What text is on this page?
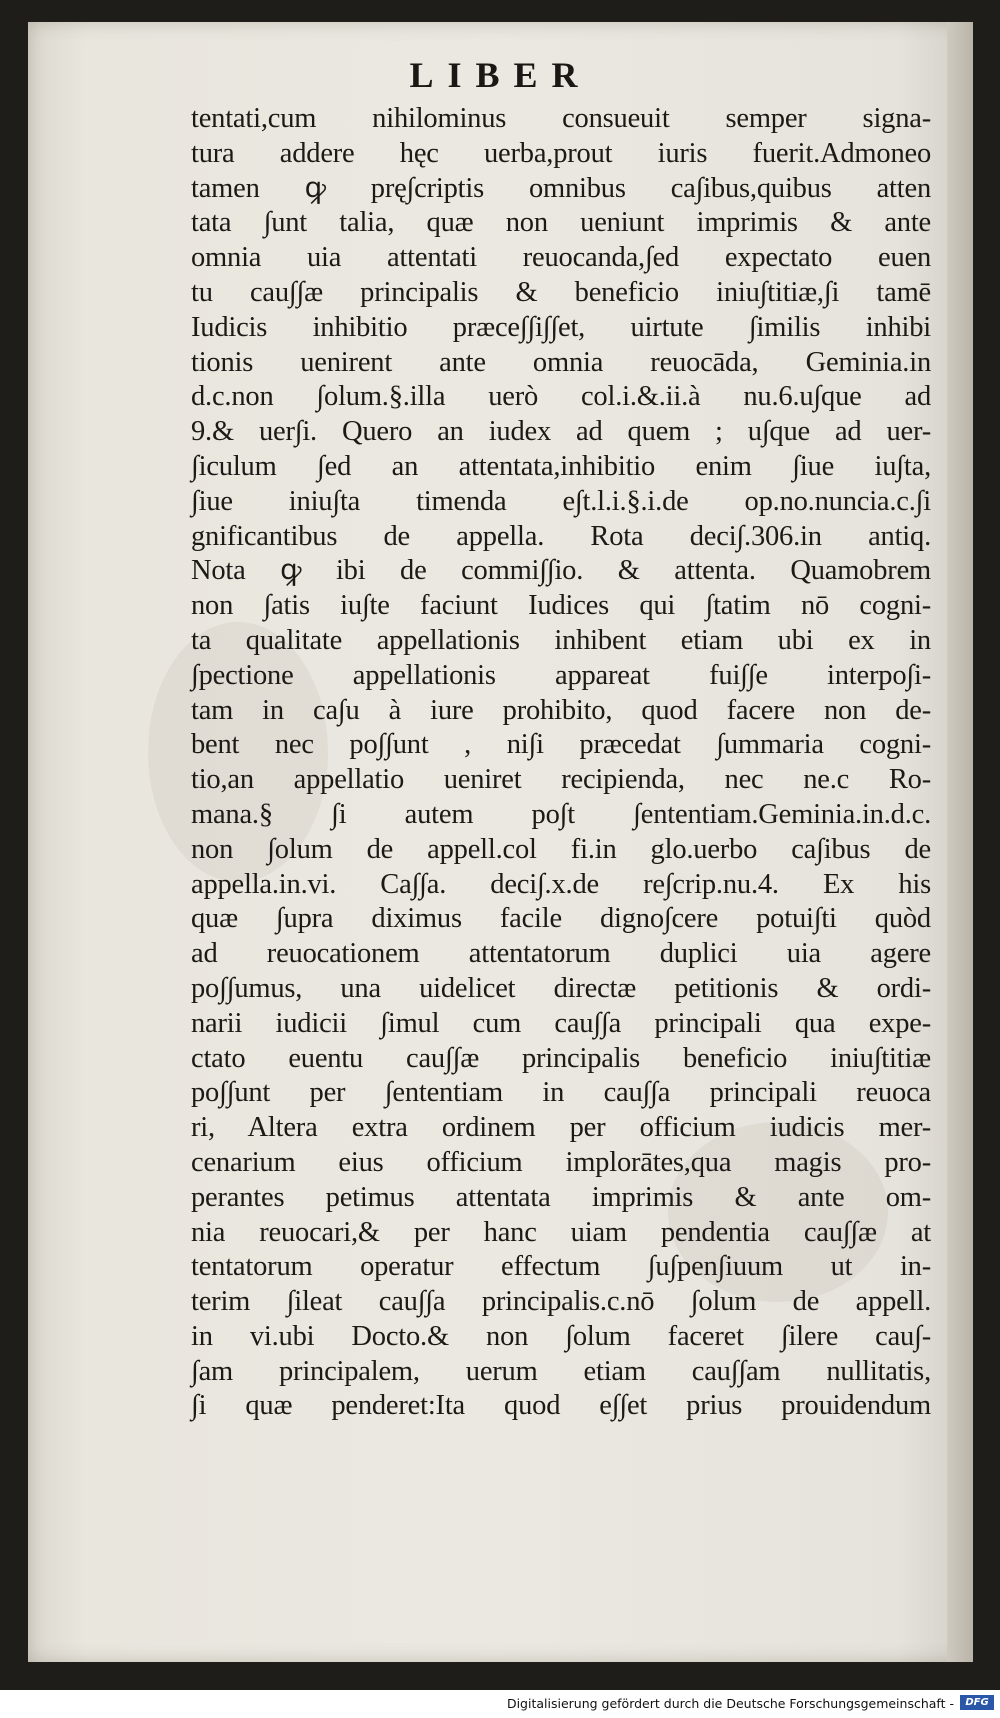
LIBER
tentati,cum nihilominus consueuit semper signa-
tura addere hęc uerba,prout iuris fuerit.Admoneo
tamen ꝙ prę∫criptis omnibus ca∫ibus,quibus atten
tata ∫unt talia, quæ non ueniunt imprimis & ante
omnia uia attentati reuocanda,∫ed expectato euen
tu cau∫∫æ principalis & beneficio iniu∫titiæ,∫i tamē
Iudicis inhibitio præce∫∫i∫∫et, uirtute ∫imilis inhibi
tionis uenirent ante omnia reuocāda, Geminia.in
d.c.non ∫olum.§.illa uerò col.i.&.ii.à nu.6.u∫que ad
9.& uer∫i. Quero an iudex ad quem ; u∫que ad uer-
∫iculum ∫ed an attentata,inhibitio enim ∫iue iu∫ta,
∫iue iniu∫ta timenda e∫t.l.i.§.i.de op.no.nuncia.c.∫i
gnificantibus de appella. Rota deci∫.306.in antiq.
Nota ꝙ ibi de commi∫∫io. & attenta. Quamobrem
non ∫atis iu∫te faciunt Iudices qui ∫tatim nō cogni-
ta qualitate appellationis inhibent etiam ubi ex in
∫pectione appellationis appareat fui∫∫e interpo∫i-
tam in ca∫u à iure prohibito, quod facere non de-
bent nec po∫∫unt , ni∫i præcedat ∫ummaria cogni-
tio,an appellatio ueniret recipienda, nec ne.c Ro-
mana.§ ∫i autem po∫t ∫ententiam.Geminia.in.d.c.
non ∫olum de appell.col fi.in glo.uerbo ca∫ibus de
appella.in.vi. Ca∫∫a. deci∫.x.de re∫crip.nu.4. Ex his
quæ ∫upra diximus facile digno∫cere potui∫ti quòd
ad reuocationem attentatorum duplici uia agere
po∫∫umus, una uidelicet directæ petitionis & ordi-
narii iudicii ∫imul cum cau∫∫a principali qua expe-
ctato euentu cau∫∫æ principalis beneficio iniu∫titiæ
po∫∫unt per ∫ententiam in cau∫∫a principali reuoca
ri, Altera extra ordinem per officium iudicis mer-
cenarium eius officium implorātes,qua magis pro-
perantes petimus attentata imprimis & ante om-
nia reuocari,& per hanc uiam pendentia cau∫∫æ at
tentatorum operatur effectum ∫u∫pen∫iuum ut in-
terim ∫ileat cau∫∫a principalis.c.nō ∫olum de appell.
in vi.ubi Docto.& non ∫olum faceret ∫ilere cau∫-
∫am principalem, uerum etiam cau∫∫am nullitatis,
∫i quæ penderet:Ita quod e∫∫et prius prouidendum
Digitalisierung gefördert durch die Deutsche Forschungsgemeinschaft -	DFG
